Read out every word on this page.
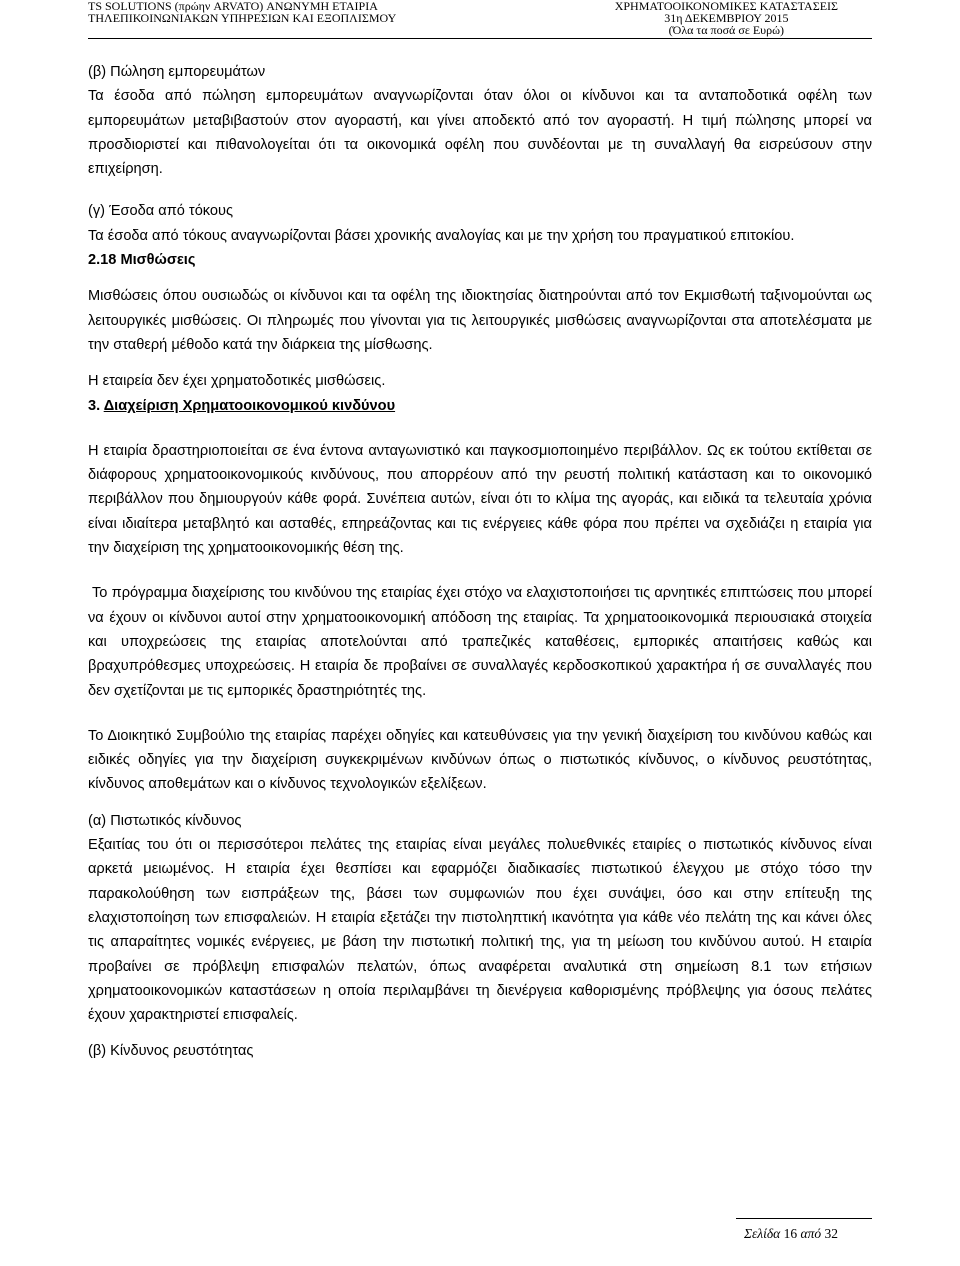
TS SOLUTIONS (πρώην ARVATO) ΑΝΩΝΥΜΗ ΕΤΑΙΡΙΑ
ΤΗΛΕΠΙΚΟΙΝΩΝΙΑΚΩΝ ΥΠΗΡΕΣΙΩΝ ΚΑΙ ΕΞΟΠΛΙΣΜΟΥ
ΧΡΗΜΑΤΟΟΙΚΟΝΟΜΙΚΕΣ ΚΑΤΑΣΤΑΣΕΙΣ
31η ΔΕΚΕΜΒΡΙΟΥ 2015
(Όλα τα ποσά σε Ευρώ)

(β) Πώληση εμπορευμάτων

Τα έσοδα από πώληση εμπορευμάτων αναγνωρίζονται όταν όλοι οι κίνδυνοι και τα ανταποδοτικά οφέλη των εμπορευμάτων μεταβιβαστούν στον αγοραστή, και γίνει αποδεκτό από τον αγοραστή. Η τιμή πώλησης μπορεί να προσδιοριστεί και πιθανολογείται ότι τα οικονομικά οφέλη που συνδέονται με τη συναλλαγή θα εισρεύσουν στην επιχείρηση.

(γ) Έσοδα από τόκους

Τα έσοδα από τόκους αναγνωρίζονται βάσει χρονικής αναλογίας και με την χρήση του πραγματικού επιτοκίου.

2.18 Μισθώσεις

Μισθώσεις όπου ουσιωδώς οι κίνδυνοι και τα οφέλη της ιδιοκτησίας διατηρούνται από τον Εκμισθωτή ταξινομούνται ως λειτουργικές μισθώσεις. Οι πληρωμές που γίνονται για τις λειτουργικές μισθώσεις αναγνωρίζονται στα αποτελέσματα με την σταθερή μέθοδο κατά την διάρκεια της μίσθωσης.

Η εταιρεία δεν έχει χρηματοδοτικές μισθώσεις.

3. Διαχείριση Χρηματοοικονομικού κινδύνου

Η εταιρία δραστηριοποιείται σε ένα έντονα ανταγωνιστικό και παγκοσμιοποιημένο περιβάλλον. Ως εκ τούτου εκτίθεται σε διάφορους χρηματοοικονομικούς κινδύνους, που απορρέουν από την ρευστή πολιτική κατάσταση και το οικονομικό περιβάλλον που δημιουργούν κάθε φορά. Συνέπεια αυτών, είναι ότι το κλίμα της αγοράς, και ειδικά τα τελευταία χρόνια είναι ιδιαίτερα μεταβλητό και ασταθές, επηρεάζοντας και τις ενέργειες κάθε φόρα που πρέπει να σχεδιάζει η εταιρία για την διαχείριση της χρηματοοικονομικής θέση της.

Το πρόγραμμα διαχείρισης του κινδύνου της εταιρίας έχει στόχο να ελαχιστοποιήσει τις αρνητικές επιπτώσεις που μπορεί να έχουν οι κίνδυνοι αυτοί στην χρηματοοικονομική απόδοση της εταιρίας. Τα χρηματοοικονομικά περιουσιακά στοιχεία και υποχρεώσεις της εταιρίας αποτελούνται από τραπεζικές καταθέσεις, εμπορικές απαιτήσεις καθώς και βραχυπρόθεσμες υποχρεώσεις. Η εταιρία δε προβαίνει σε συναλλαγές κερδοσκοπικού χαρακτήρα ή σε συναλλαγές που δεν σχετίζονται με τις εμπορικές δραστηριότητές της.

Το Διοικητικό Συμβούλιο της εταιρίας παρέχει οδηγίες και κατευθύνσεις για την γενική διαχείριση του κινδύνου καθώς και ειδικές οδηγίες για την διαχείριση συγκεκριμένων κινδύνων όπως ο πιστωτικός κίνδυνος, ο κίνδυνος ρευστότητας, κίνδυνος αποθεμάτων και ο κίνδυνος τεχνολογικών εξελίξεων.

(α) Πιστωτικός κίνδυνος

Εξαιτίας του ότι οι περισσότεροι πελάτες της εταιρίας είναι μεγάλες πολυεθνικές εταιρίες ο πιστωτικός κίνδυνος είναι αρκετά μειωμένος. Η εταιρία έχει θεσπίσει και εφαρμόζει διαδικασίες πιστωτικού έλεγχου με στόχο τόσο την παρακολούθηση των εισπράξεων της, βάσει των συμφωνιών που έχει συνάψει, όσο και στην επίτευξη της ελαχιστοποίηση των επισφαλειών. Η εταιρία εξετάζει την πιστοληπτική ικανότητα για κάθε νέο πελάτη της και κάνει όλες τις απαραίτητες νομικές ενέργειες, με βάση την πιστωτική πολιτική της, για τη μείωση του κινδύνου αυτού. Η εταιρία προβαίνει σε πρόβλεψη επισφαλών πελατών, όπως αναφέρεται αναλυτικά στη σημείωση 8.1 των ετήσιων χρηματοοικονομικών καταστάσεων η οποία περιλαμβάνει τη διενέργεια καθορισμένης πρόβλεψης για όσους πελάτες έχουν χαρακτηριστεί επισφαλείς.

(β) Κίνδυνος ρευστότητας

Σελίδα 16 από 32
